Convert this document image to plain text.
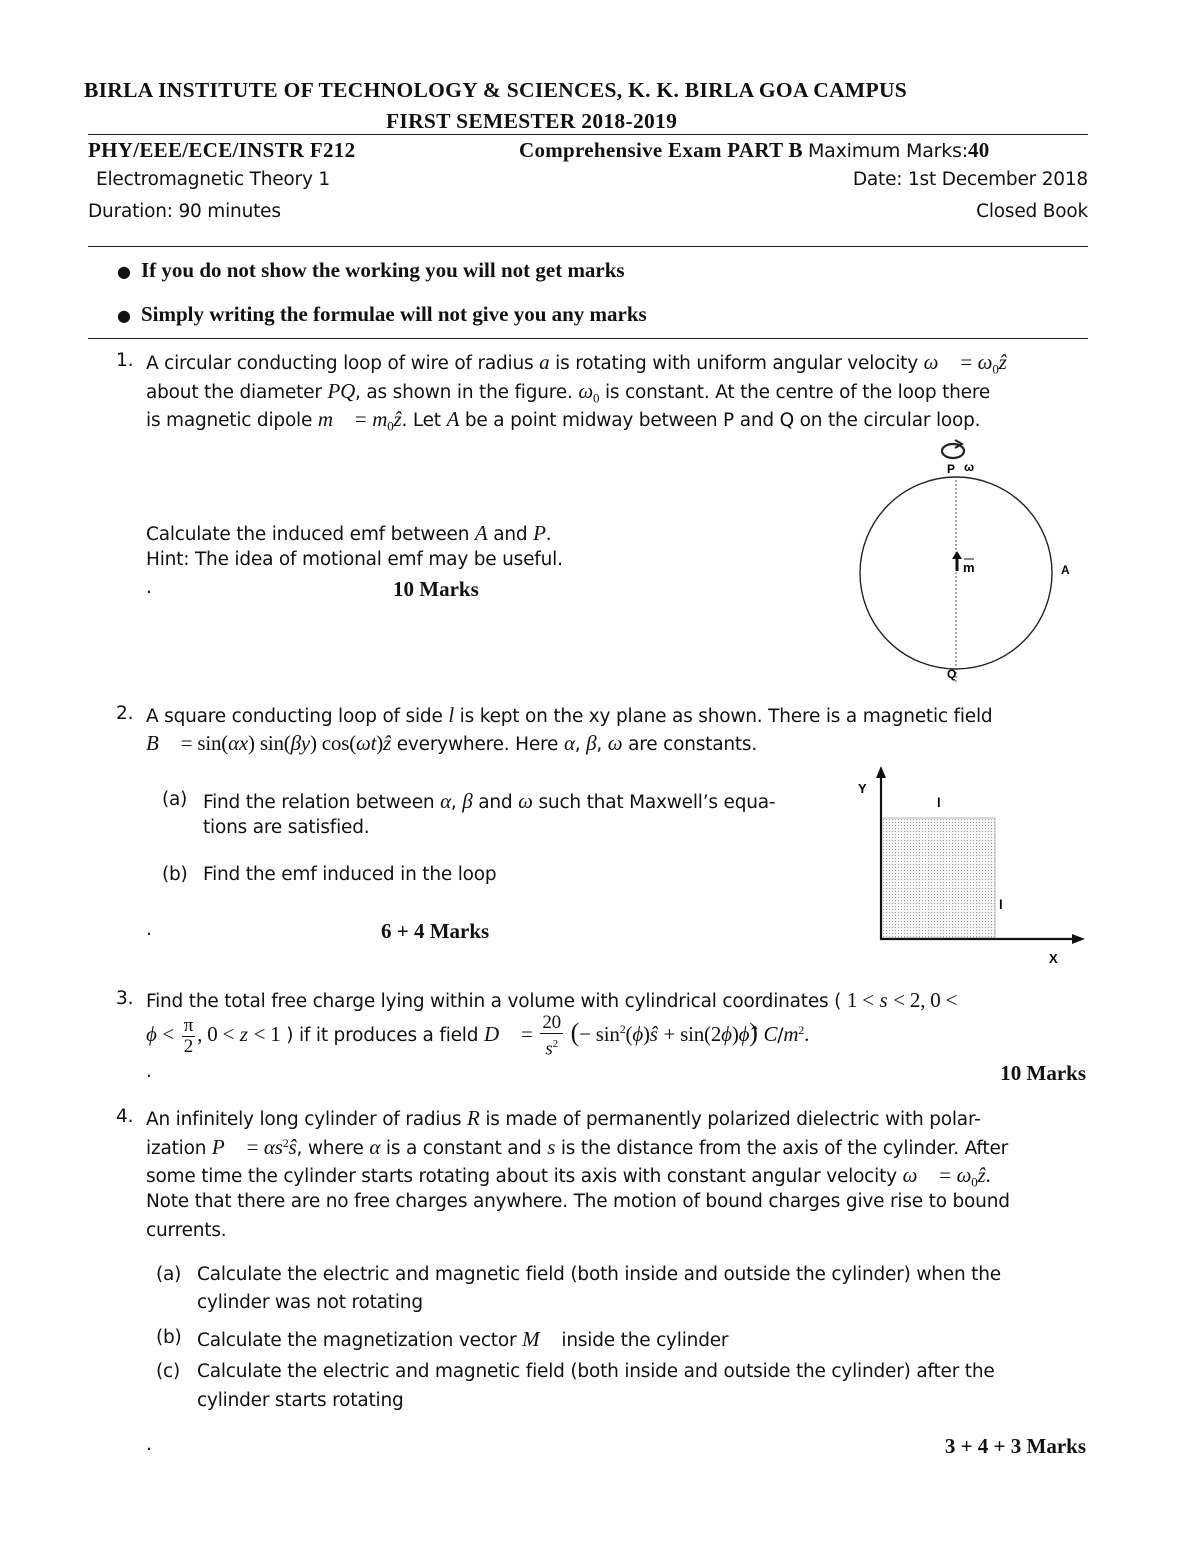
BIRLA INSTITUTE OF TECHNOLOGY & SCIENCES, K. K. BIRLA GOA CAMPUS
FIRST SEMESTER 2018-2019
PHY/EEE/ECE/INSTR F212	Comprehensive Exam PART B Maximum Marks:40
Electromagnetic Theory 1	Date: 1st December 2018
Duration: 90 minutes	Closed Book
● If you do not show the working you will not get marks
● Simply writing the formulae will not give you any marks
1. A circular conducting loop of wire of radius a is rotating with uniform angular velocity ω⃗ = $\omega_0ẑ$
about the diameter PQ, as shown in the figure. $\omega_0$ is constant. At the centre of the loop there
is magnetic dipole m⃗ = $m_0ẑ$. Let A be a point midway between P and Q on the circular loop.
Calculate the induced emf between A and P.
Hint: The idea of motional emf may be useful.
.	10 Marks
P ω
m	A
Q
2. A square conducting loop of side l is kept on the xy plane as shown. There is a magnetic field
B⃗ = sin(αx) sin(βy) cos(ωt)ẑ everywhere. Here α, β, ω are constants.
(a) Find the relation between α, β and ω such that Maxwell’s equa-
tions are satisfied.
(b) Find the emf induced in the loop
.	6 + 4 Marks
Y
X
l
l
3. Find the total free charge lying within a volume with cylindrical coordinates ( 1 < s < 2, 0 <
$\phi < \frac{\pi}{2}$ , 0 < z < 1 ) if it produces a field D⃗ = $\frac{20}{s^2}$ (− $\sin^2(\phi)ŝ$ + sin(2ϕ)ϕ̂) $C/m^2$.
.	10 Marks
4. An infinitely long cylinder of radius R is made of permanently polarized dielectric with polar-
ization P⃗ = $\alpha s^2ŝ$, where α is a constant and s is the distance from the axis of the cylinder. After
some time the cylinder starts rotating about its axis with constant angular velocity ω⃗ = $\omega_0ẑ$.
Note that there are no free charges anywhere. The motion of bound charges give rise to bound
currents.
(a) Calculate the electric and magnetic field (both inside and outside the cylinder) when the
cylinder was not rotating
(b) Calculate the magnetization vector M⃗ inside the cylinder
(c) Calculate the electric and magnetic field (both inside and outside the cylinder) after the
cylinder starts rotating
.	3 + 4 + 3 Marks
